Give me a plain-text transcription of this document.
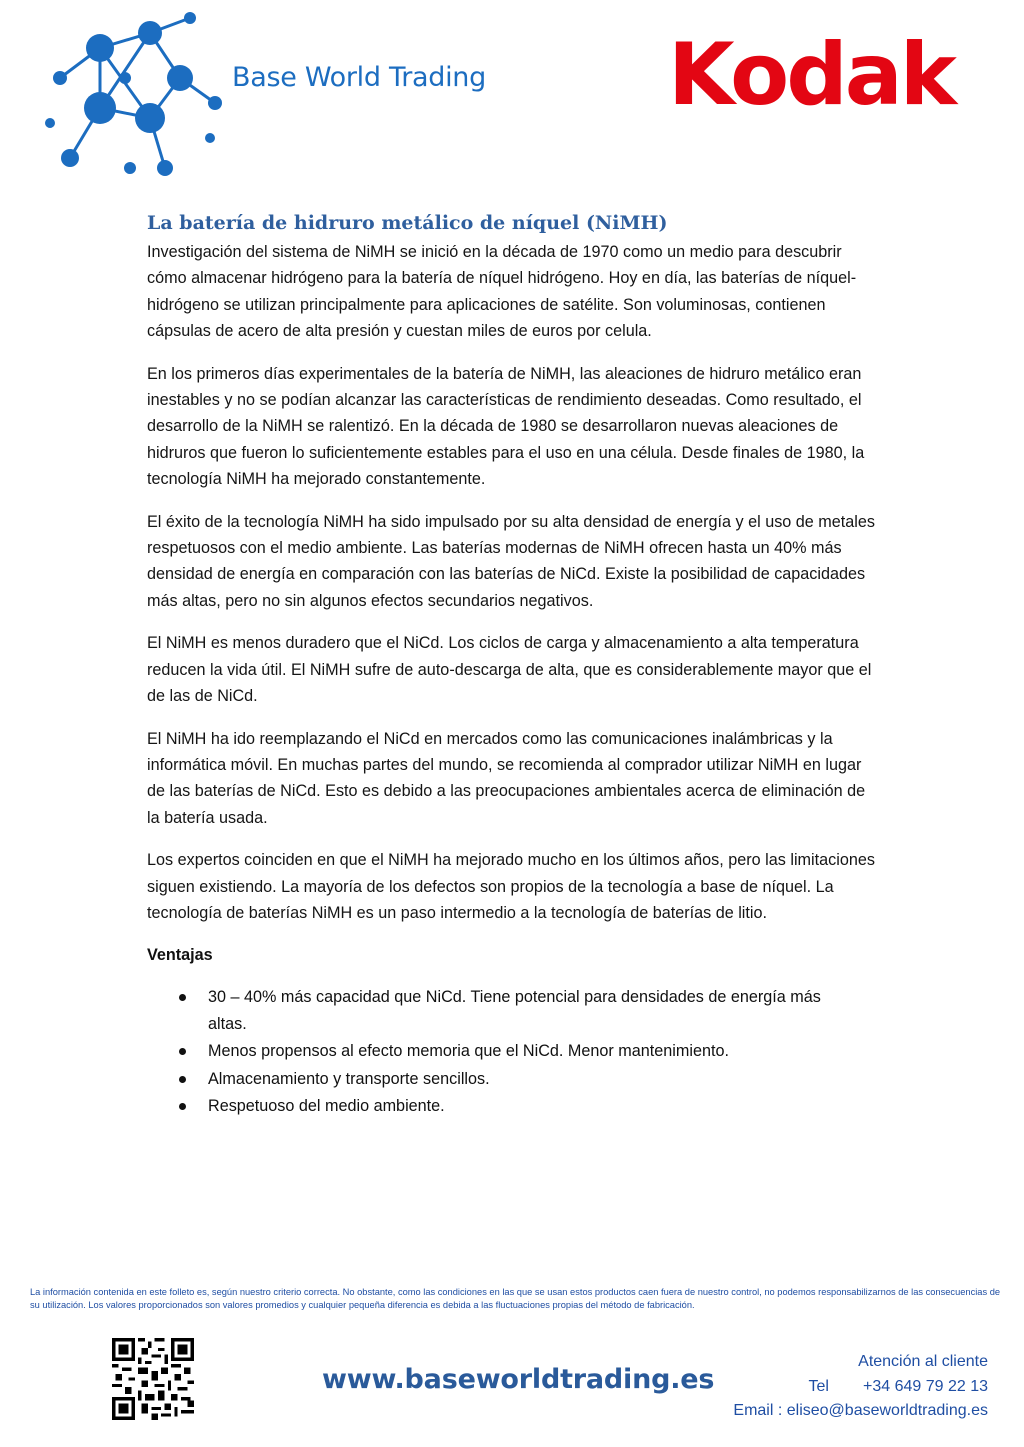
Base World Trading Kodak
La batería de hidruro metálico de níquel (NiMH)

Investigación del sistema de NiMH se inició en la década de 1970 como un medio para descubrir cómo almacenar hidrógeno para la batería de níquel hidrógeno. Hoy en día, las baterías de níquel-hidrógeno se utilizan principalmente para aplicaciones de satélite. Son voluminosas, contienen cápsulas de acero de alta presión y cuestan miles de euros por celula.

En los primeros días experimentales de la batería de NiMH, las aleaciones de hidruro metálico eran inestables y no se podían alcanzar las características de rendimiento deseadas. Como resultado, el desarrollo de la NiMH se ralentizó. En la década de 1980 se desarrollaron nuevas aleaciones de hidruros que fueron lo suficientemente estables para el uso en una célula. Desde finales de 1980, la tecnología NiMH ha mejorado constantemente.

El éxito de la tecnología NiMH ha sido impulsado por su alta densidad de energía y el uso de metales respetuosos con el medio ambiente. Las baterías modernas de NiMH ofrecen hasta un 40% más densidad de energía en comparación con las baterías de NiCd. Existe la posibilidad de capacidades más altas, pero no sin algunos efectos secundarios negativos.

El NiMH es menos duradero que el NiCd. Los ciclos de carga y almacenamiento a alta temperatura reducen la vida útil. El NiMH sufre de auto-descarga de alta, que es considerablemente mayor que el de las de NiCd.

El NiMH ha ido reemplazando el NiCd en mercados como las comunicaciones inalámbricas y la informática móvil. En muchas partes del mundo, se recomienda al comprador utilizar NiMH en lugar de las baterías de NiCd. Esto es debido a las preocupaciones ambientales acerca de eliminación de la batería usada.

Los expertos coinciden en que el NiMH ha mejorado mucho en los últimos años, pero las limitaciones siguen existiendo. La mayoría de los defectos son propios de la tecnología a base de níquel. La tecnología de baterías NiMH es un paso intermedio a la tecnología de baterías de litio.

Ventajas
30 – 40% más capacidad que NiCd. Tiene potencial para densidades de energía más altas.
Menos propensos al efecto memoria que el NiCd. Menor mantenimiento.
Almacenamiento y transporte sencillos.
Respetuoso del medio ambiente.
La información contenida en este folleto es, según nuestro criterio correcta. No obstante, como las condiciones en las que se usan estos productos caen fuera de nuestro control, no podemos responsabilizarnos de las consecuencias de su utilización. Los valores proporcionados son valores promedios y cualquier pequeña diferencia es debida a las fluctuaciones propias del método de fabricación.
www.baseworldtrading.es
Atención al cliente
Tel +34 649 79 22 13
Email : eliseo@baseworldtrading.es
